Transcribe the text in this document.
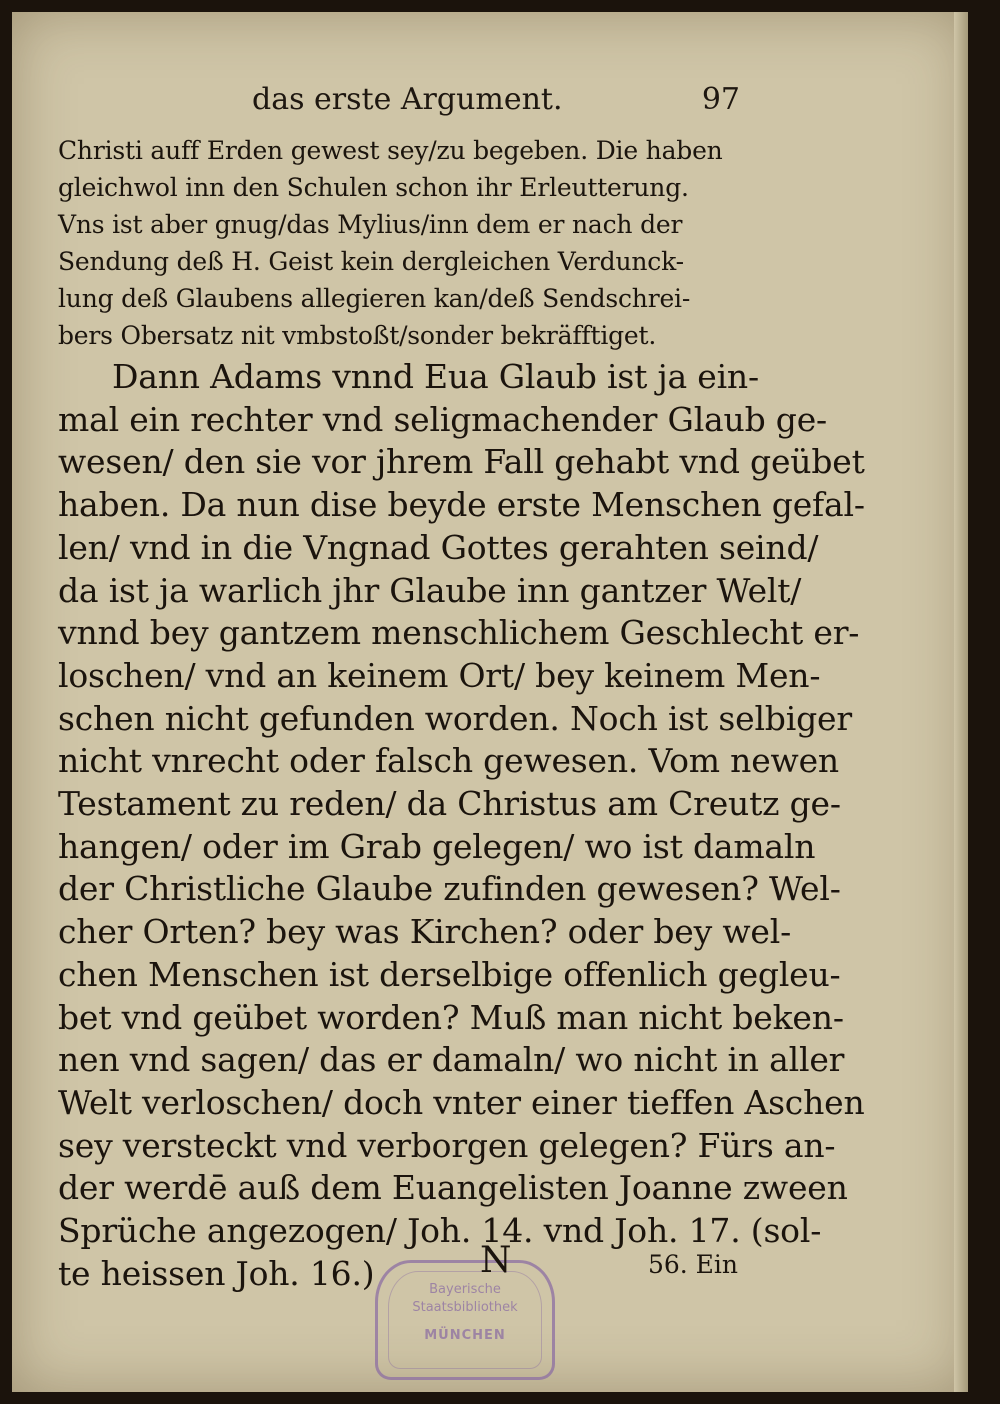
das erste Argument.	97
Christi auff Erden gewest sey/zu begeben. Die haben
gleichwol inn den Schulen schon ihr Erleutterung.
Vns ist aber gnug/das Mylius/inn dem er nach der
Sendung deß H. Geist kein dergleichen Verdunck-
lung deß Glaubens allegieren kan/deß Sendschrei-
bers Obersatz nit vmbstoßt/sonder bekräfftiget.
Dann Adams vnnd Eua Glaub ist ja ein-
mal ein rechter vnd seligmachender Glaub ge-
wesen/ den sie vor jhrem Fall gehabt vnd geübet
haben. Da nun dise beyde erste Menschen gefal-
len/ vnd in die Vngnad Gottes gerahten seind/
da ist ja warlich jhr Glaube inn gantzer Welt/
vnnd bey gantzem menschlichem Geschlecht er-
loschen/ vnd an keinem Ort/ bey keinem Men-
schen nicht gefunden worden. Noch ist selbiger
nicht vnrecht oder falsch gewesen. Vom newen
Testament zu reden/ da Christus am Creutz ge-
hangen/ oder im Grab gelegen/ wo ist damaln
der Christliche Glaube zufinden gewesen? Wel-
cher Orten? bey was Kirchen? oder bey wel-
chen Menschen ist derselbige offenlich gegleu-
bet vnd geübet worden? Muß man nicht beken-
nen vnd sagen/ das er damaln/ wo nicht in aller
Welt verloschen/ doch vnter einer tieffen Aschen
sey versteckt vnd verborgen gelegen? Fürs an-
der werdē auß dem Euangelisten Joanne zween
Sprüche angezogen/ Joh. 14. vnd Joh. 17. (sol-
te heissen Joh. 16.)	Bayerische
Staatsbibliothek
MÜNCHEN
N	56. Ein
